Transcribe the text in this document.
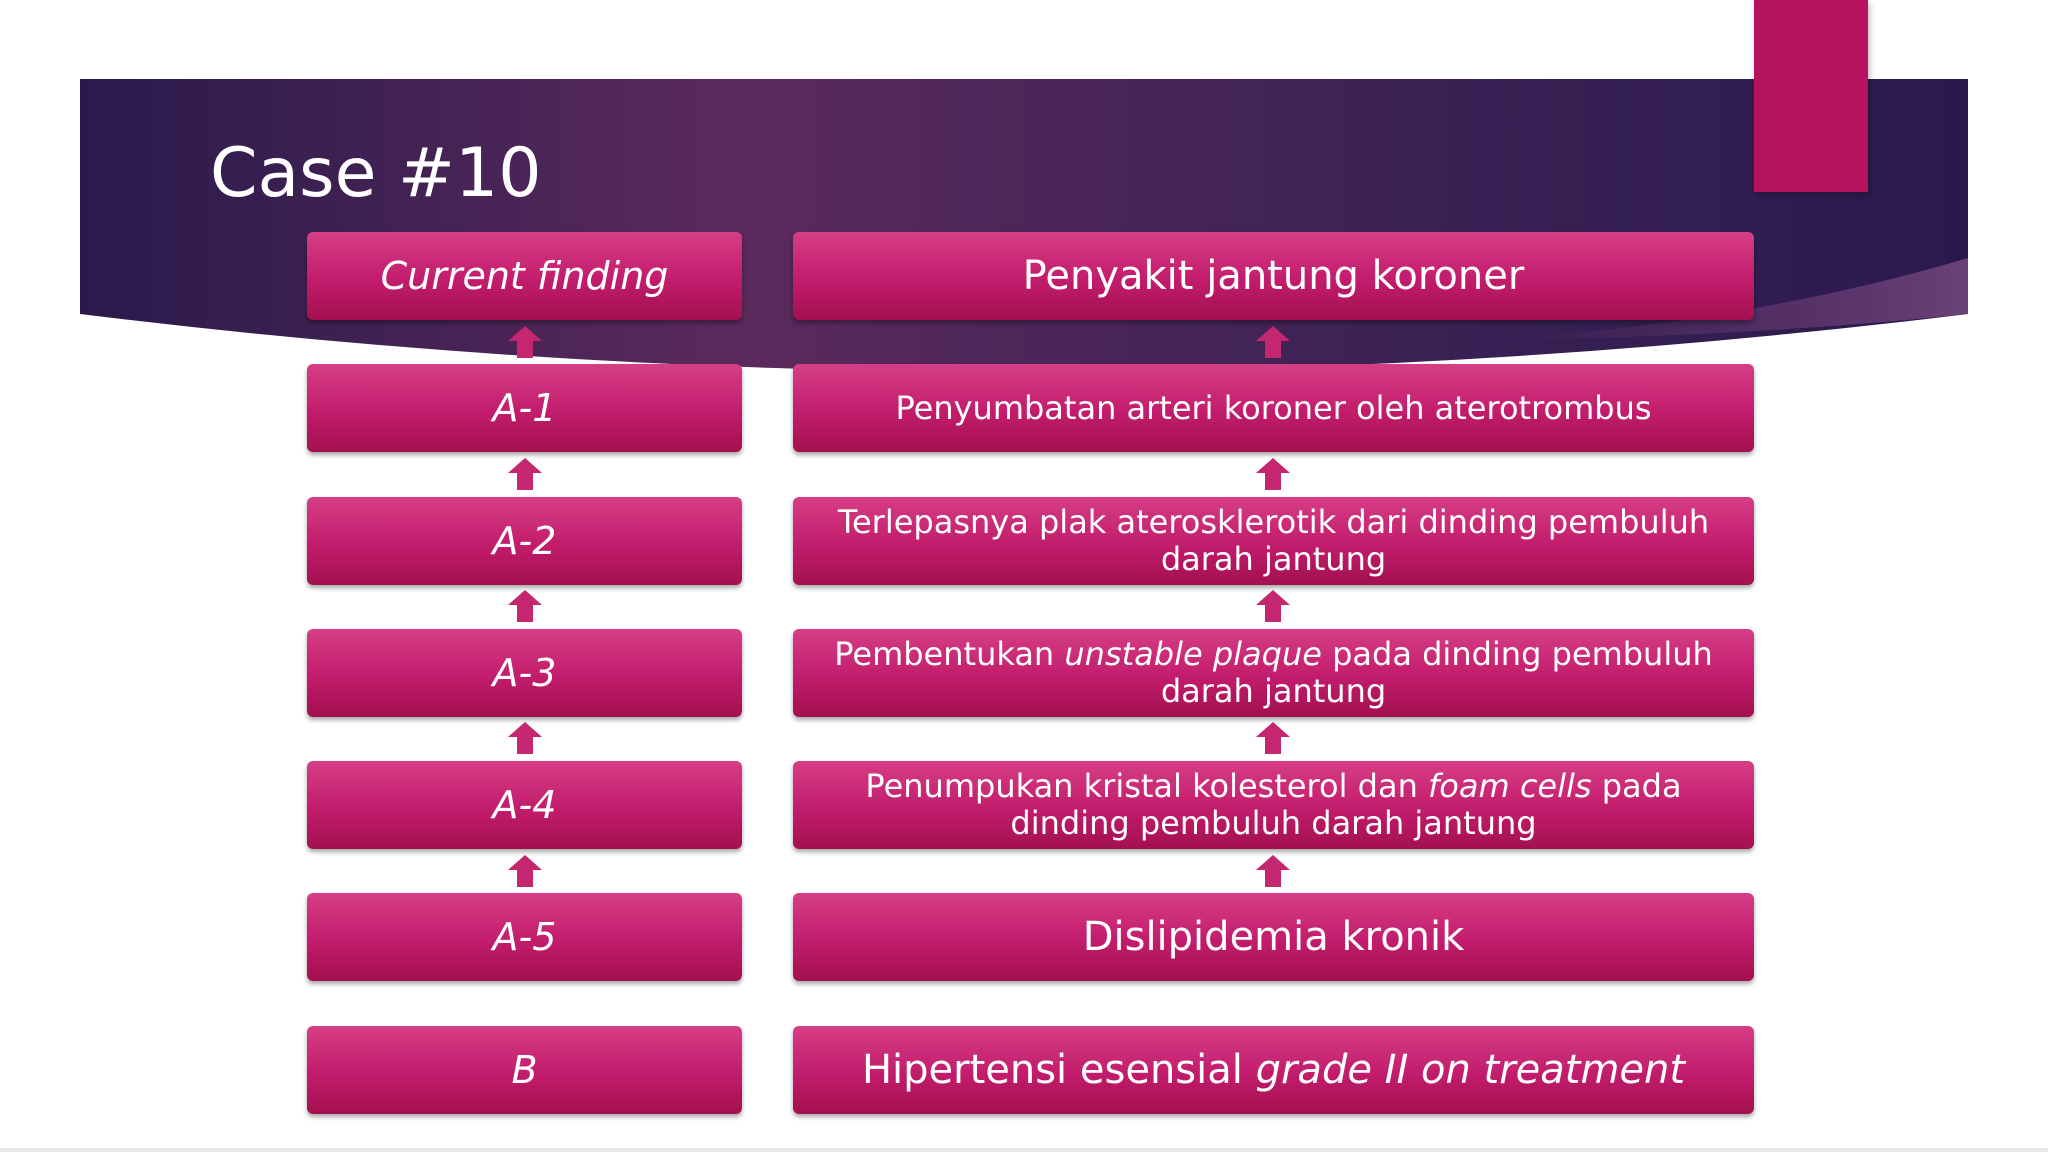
Case #10
Current finding
A-1
A-2
A-3
A-4
A-5
B
Penyakit jantung koroner
Penyumbatan arteri koroner oleh aterotrombus
Terlepasnya plak aterosklerotik dari dinding pembuluh darah jantung
Pembentukan unstable plaque pada dinding pembuluh darah jantung
Penumpukan kristal kolesterol dan foam cells pada dinding pembuluh darah jantung
Dislipidemia kronik
Hipertensi esensial grade II on treatment
